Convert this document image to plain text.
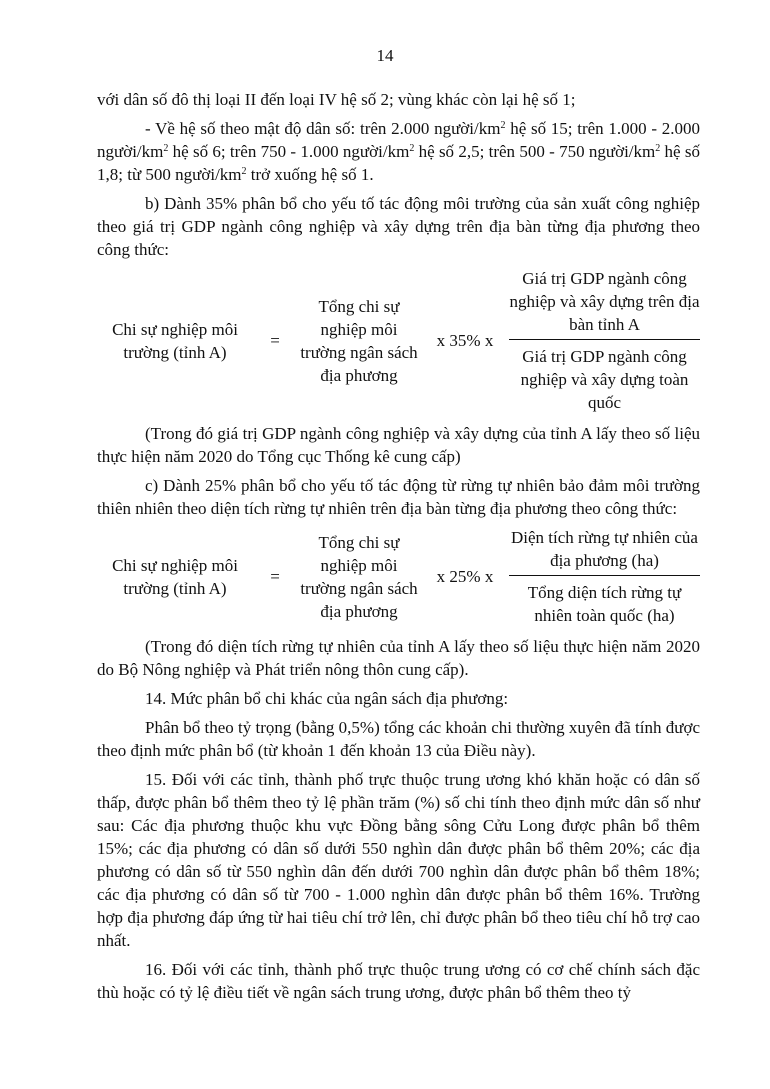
14

với dân số đô thị loại II đến loại IV hệ số 2; vùng khác còn lại hệ số 1;

- Về hệ số theo mật độ dân số: trên 2.000 người/$km^2$ hệ số 15; trên 1.000 - 2.000 người/$km^2$ hệ số 6; trên 750 - 1.000 người/$km^2$ hệ số 2,5; trên 500 - 750 người/$km^2$ hệ số 1,8; từ 500 người/$km^2$ trở xuống hệ số 1.

b) Dành 35% phân bổ cho yếu tố tác động môi trường của sản xuất công nghiệp theo giá trị GDP ngành công nghiệp và xây dựng trên địa bàn từng địa phương theo công thức:

Chi sự nghiệp môi trường (tỉnh A)
=
Tổng chi sự nghiệp môi trường ngân sách địa phương
x 35% x
Giá trị GDP ngành công nghiệp và xây dựng trên địa bàn tỉnh A
Giá trị GDP ngành công nghiệp và xây dựng toàn quốc

(Trong đó giá trị GDP ngành công nghiệp và xây dựng của tỉnh A lấy theo số liệu thực hiện năm 2020 do Tổng cục Thống kê cung cấp)

c) Dành 25% phân bổ cho yếu tố tác động từ rừng tự nhiên bảo đảm môi trường thiên nhiên theo diện tích rừng tự nhiên trên địa bàn từng địa phương theo công thức:

Chi sự nghiệp môi trường (tỉnh A)
=
Tổng chi sự nghiệp môi trường ngân sách địa phương
x 25% x $\frac{\text{Diện tích rừng tự nhiên của địa phương (ha)}}{\text{Tổng diện tích rừng tự nhiên toàn quốc (ha)}}$

(Trong đó diện tích rừng tự nhiên của tỉnh A lấy theo số liệu thực hiện năm 2020 do Bộ Nông nghiệp và Phát triển nông thôn cung cấp).

14. Mức phân bổ chi khác của ngân sách địa phương:

Phân bổ theo tỷ trọng (bằng 0,5%) tổng các khoản chi thường xuyên đã tính được theo định mức phân bổ (từ khoản 1 đến khoản 13 của Điều này).

15. Đối với các tỉnh, thành phố trực thuộc trung ương khó khăn hoặc có dân số thấp, được phân bổ thêm theo tỷ lệ phần trăm (%) số chi tính theo định mức dân số như sau: Các địa phương thuộc khu vực Đồng bằng sông Cửu Long được phân bổ thêm 15%; các địa phương có dân số dưới 550 nghìn dân được phân bổ thêm 20%; các địa phương có dân số từ 550 nghìn dân đến dưới 700 nghìn dân được phân bổ thêm 18%; các địa phương có dân số từ 700 - 1.000 nghìn dân được phân bổ thêm 16%. Trường hợp địa phương đáp ứng từ hai tiêu chí trở lên, chỉ được phân bổ theo tiêu chí hỗ trợ cao nhất.

16. Đối với các tỉnh, thành phố trực thuộc trung ương có cơ chế chính sách đặc thù hoặc có tỷ lệ điều tiết về ngân sách trung ương, được phân bổ thêm theo tỷ
